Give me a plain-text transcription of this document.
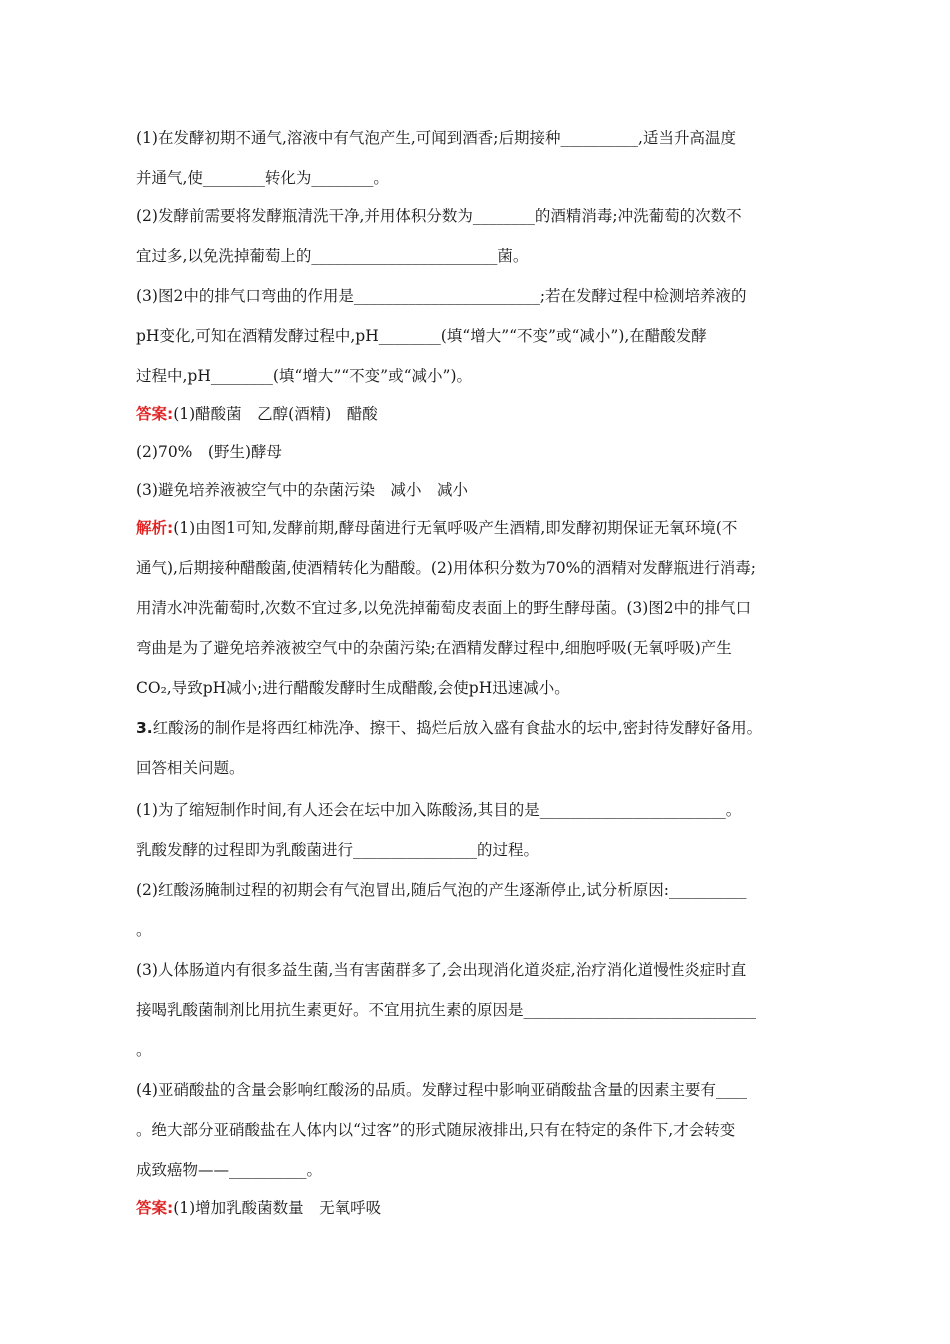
(1)在发酵初期不通气,溶液中有气泡产生,可闻到酒香;后期接种__________,适当升高温度
并通气,使________转化为________。
(2)发酵前需要将发酵瓶清洗干净,并用体积分数为________的酒精消毒;冲洗葡萄的次数不
宜过多,以免洗掉葡萄上的________________________菌。
(3)图2中的排气口弯曲的作用是________________________;若在发酵过程中检测培养液的
pH变化,可知在酒精发酵过程中,pH________(填“增大”“不变”或“减小”),在醋酸发酵
过程中,pH________(填“增大”“不变”或“减小”)。
答案:(1)醋酸菌　乙醇(酒精)　醋酸
(2)70%　(野生)酵母
(3)避免培养液被空气中的杂菌污染　减小　减小
解析:(1)由图1可知,发酵前期,酵母菌进行无氧呼吸产生酒精,即发酵初期保证无氧环境(不
通气),后期接种醋酸菌,使酒精转化为醋酸。(2)用体积分数为70%的酒精对发酵瓶进行消毒;
用清水冲洗葡萄时,次数不宜过多,以免洗掉葡萄皮表面上的野生酵母菌。(3)图2中的排气口
弯曲是为了避免培养液被空气中的杂菌污染;在酒精发酵过程中,细胞呼吸(无氧呼吸)产生
CO₂,导致pH减小;进行醋酸发酵时生成醋酸,会使pH迅速减小。
3.红酸汤的制作是将西红柿洗净、擦干、捣烂后放入盛有食盐水的坛中,密封待发酵好备用。
回答相关问题。
(1)为了缩短制作时间,有人还会在坛中加入陈酸汤,其目的是________________________。
乳酸发酵的过程即为乳酸菌进行________________的过程。
(2)红酸汤腌制过程的初期会有气泡冒出,随后气泡的产生逐渐停止,试分析原因:__________
。
(3)人体肠道内有很多益生菌,当有害菌群多了,会出现消化道炎症,治疗消化道慢性炎症时直
接喝乳酸菌制剂比用抗生素更好。不宜用抗生素的原因是______________________________
。
(4)亚硝酸盐的含量会影响红酸汤的品质。发酵过程中影响亚硝酸盐含量的因素主要有____
。绝大部分亚硝酸盐在人体内以“过客”的形式随尿液排出,只有在特定的条件下,才会转变
成致癌物——__________。
答案:(1)增加乳酸菌数量　无氧呼吸
